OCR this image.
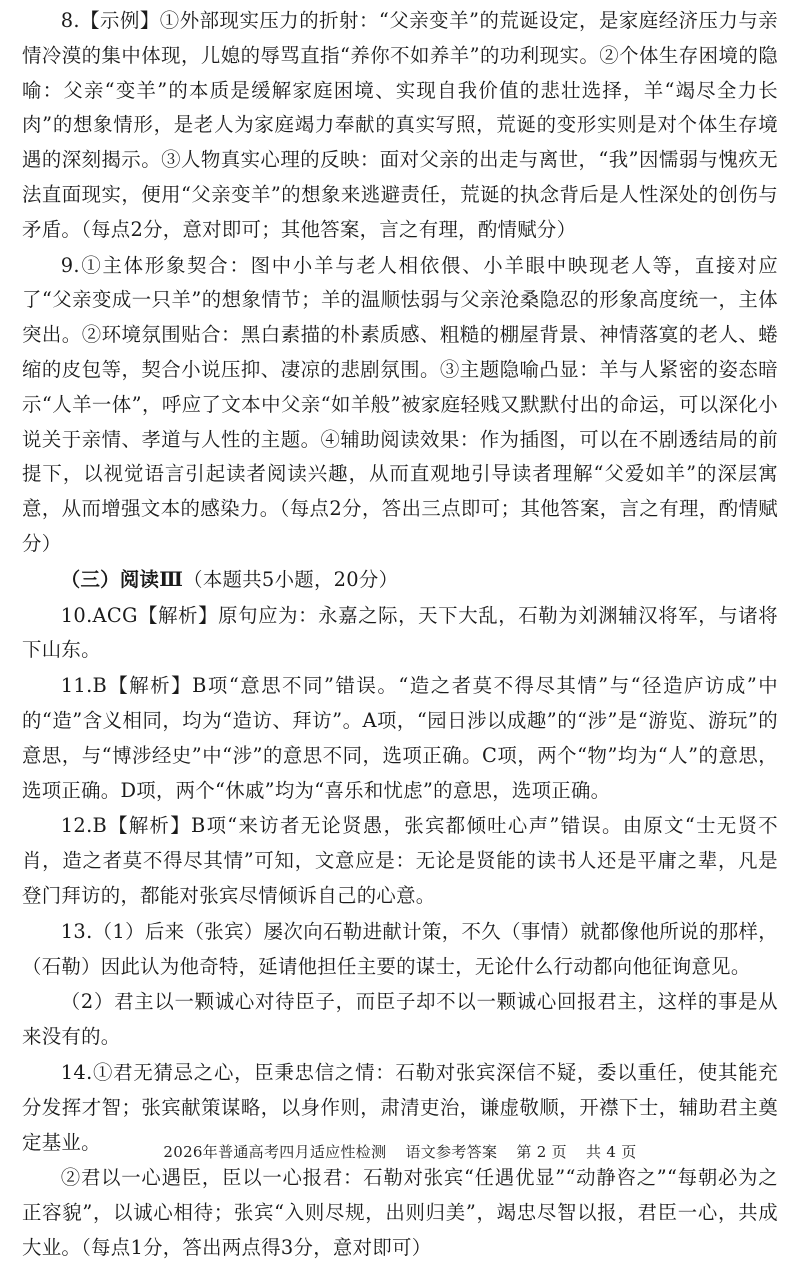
8.【示例】①外部现实压力的折射：“父亲变羊”的荒诞设定，是家庭经济压力与亲情冷漠的集中体现，儿媳的辱骂直指“养你不如养羊”的功利现实。②个体生存困境的隐喻：父亲“变羊”的本质是缓解家庭困境、实现自我价值的悲壮选择，羊“竭尽全力长肉”的想象情形，是老人为家庭竭力奉献的真实写照，荒诞的变形实则是对个体生存境遇的深刻揭示。③人物真实心理的反映：面对父亲的出走与离世，“我”因懦弱与愧疚无法直面现实，便用“父亲变羊”的想象来逃避责任，荒诞的执念背后是人性深处的创伤与矛盾。（每点2分，意对即可；其他答案，言之有理，酌情赋分）

9.①主体形象契合：图中小羊与老人相依偎、小羊眼中映现老人等，直接对应了“父亲变成一只羊”的想象情节；羊的温顺怯弱与父亲沧桑隐忍的形象高度统一，主体突出。②环境氛围贴合：黑白素描的朴素质感、粗糙的棚屋背景、神情落寞的老人、蜷缩的皮包等，契合小说压抑、凄凉的悲剧氛围。③主题隐喻凸显：羊与人紧密的姿态暗示“人羊一体”，呼应了文本中父亲“如羊般”被家庭轻贱又默默付出的命运，可以深化小说关于亲情、孝道与人性的主题。④辅助阅读效果：作为插图，可以在不剧透结局的前提下，以视觉语言引起读者阅读兴趣，从而直观地引导读者理解“父爱如羊”的深层寓意，从而增强文本的感染力。（每点2分，答出三点即可；其他答案，言之有理，酌情赋分）

（三）阅读Ⅲ（本题共5小题，20分）

10.ACG【解析】原句应为：永嘉之际，天下大乱，石勒为刘渊辅汉将军，与诸将下山东。

11.B【解析】B项“意思不同”错误。“造之者莫不得尽其情”与“径造庐访成”中的“造”含义相同，均为“造访、拜访”。A项，“园日涉以成趣”的“涉”是“游览、游玩”的意思，与“博涉经史”中“涉”的意思不同，选项正确。C项，两个“物”均为“人”的意思，选项正确。D项，两个“休戚”均为“喜乐和忧虑”的意思，选项正确。

12.B【解析】B项“来访者无论贤愚，张宾都倾吐心声”错误。由原文“士无贤不肖，造之者莫不得尽其情”可知，文意应是：无论是贤能的读书人还是平庸之辈，凡是登门拜访的，都能对张宾尽情倾诉自己的心意。

13.（1）后来（张宾）屡次向石勒进献计策，不久（事情）就都像他所说的那样，（石勒）因此认为他奇特，延请他担任主要的谋士，无论什么行动都向他征询意见。

（2）君主以一颗诚心对待臣子，而臣子却不以一颗诚心回报君主，这样的事是从来没有的。

14.①君无猜忌之心，臣秉忠信之情：石勒对张宾深信不疑，委以重任，使其能充分发挥才智；张宾献策谋略，以身作则，肃清吏治，谦虚敬顺，开襟下士，辅助君主奠定基业。

②君以一心遇臣，臣以一心报君：石勒对张宾“任遇优显”“动静咨之”“每朝必为之正容貌”，以诚心相待；张宾“入则尽规，出则归美”，竭忠尽智以报，君臣一心，共成大业。（每点1分，答出两点得3分，意对即可）

2026年普通高考四月适应性检测 语文参考答案 第 2 页 共 4 页
